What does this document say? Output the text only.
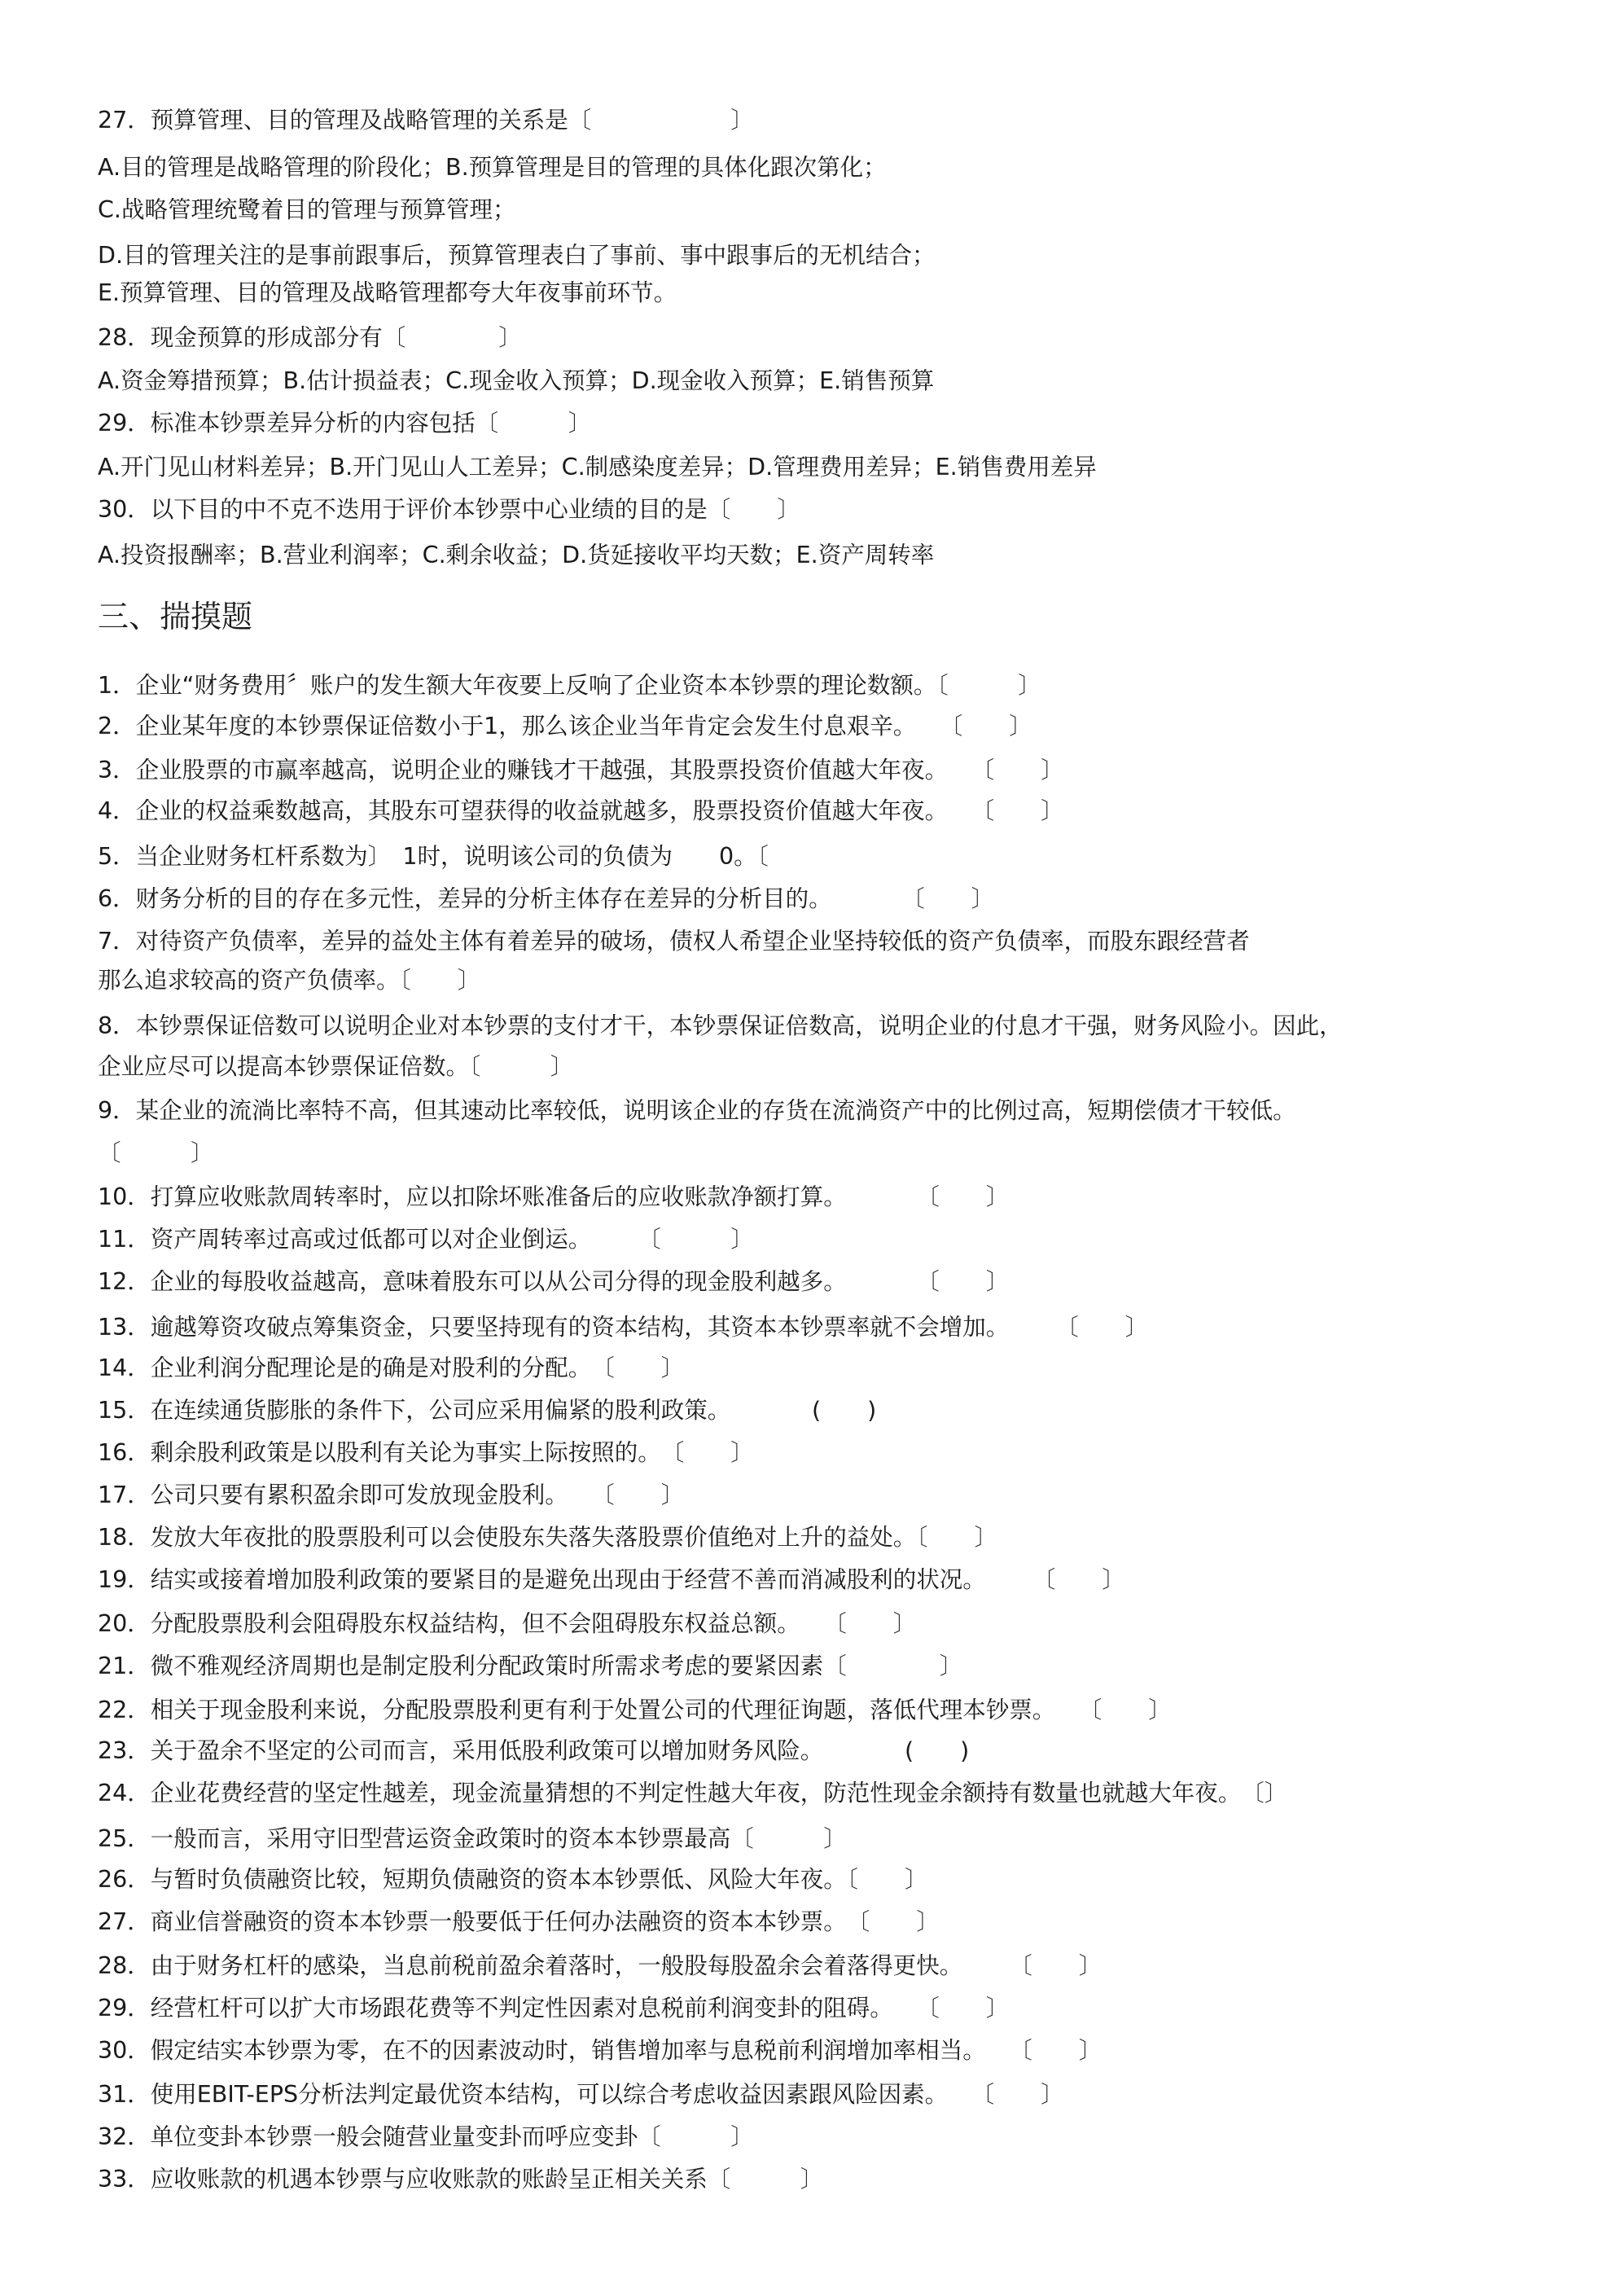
27．预算管理、目的管理及战略管理的关系是〔　　　　　　〕
A.目的管理是战略管理的阶段化；B.预算管理是目的管理的具体化跟次第化；
C.战略管理统鹭着目的管理与预算管理；
D.目的管理关注的是事前跟事后，预算管理表白了事前、事中跟事后的无机结合；
E.预算管理、目的管理及战略管理都夸大年夜事前环节。
28．现金预算的形成部分有〔　　　　〕
A.资金筹措预算；B.估计损益表；C.现金收入预算；D.现金收入预算；E.销售预算
29．标准本钞票差异分析的内容包括〔　　　〕
A.开门见山材料差异；B.开门见山人工差异；C.制感染度差异；D.管理费用差异；E.销售费用差异
30．以下目的中不克不迭用于评价本钞票中心业绩的目的是〔　　〕
A.投资报酬率；B.营业利润率；C.剩余收益；D.货延接收平均天数；E.资产周转率
三、揣摸题
1．企业“财务费用〞账户的发生额大年夜要上反响了企业资本本钞票的理论数额。〔　　　〕
2．企业某年度的本钞票保证倍数小于1，那么该企业当年肯定会发生付息艰辛。　　〔　　〕
3．企业股票的市赢率越高，说明企业的赚钱才干越强，其股票投资价值越大年夜。　　〔　　〕
4．企业的权益乘数越高，其股东可望获得的收益就越多，股票投资价值越大年夜。　　〔　　〕
5．当企业财务杠杆系数为〕　1时，说明该公司的负债为　　0。〔
6．财务分析的目的存在多元性，差异的分析主体存在差异的分析目的。　　　　〔　　〕
7．对待资产负债率，差异的益处主体有着差异的破场，债权人希望企业坚持较低的资产负债率，而股东跟经营者
那么追求较高的资产负债率。〔　　〕
8．本钞票保证倍数可以说明企业对本钞票的支付才干，本钞票保证倍数高，说明企业的付息才干强，财务风险小。因此，
企业应尽可以提高本钞票保证倍数。〔　　　〕
9．某企业的流淌比率特不高，但其速动比率较低，说明该企业的存货在流淌资产中的比例过高，短期偿债才干较低。
〔　　　〕
10．打算应收账款周转率时，应以扣除坏账准备后的应收账款净额打算。　　　　〔　　〕
11．资产周转率过高或过低都可以对企业倒运。　　　〔　　　〕
12．企业的每股收益越高，意味着股东可以从公司分得的现金股利越多。　　　　〔　　〕
13．逾越筹资攻破点筹集资金，只要坚持现有的资本结构，其资本本钞票率就不会增加。　　　〔　　〕
14．企业利润分配理论是的确是对股利的分配。　〔　　〕
15．在连续通货膨胀的条件下，公司应采用偏紧的股利政策。　　　　(　　)
16．剩余股利政策是以股利有关论为事实上际按照的。　〔　　〕
17．公司只要有累积盈余即可发放现金股利。　　〔　　〕
18．发放大年夜批的股票股利可以会使股东失落失落股票价值绝对上升的益处。〔　　〕
19．结实或接着增加股利政策的要紧目的是避免出现由于经营不善而消减股利的状况。　　　〔　　〕
20．分配股票股利会阻碍股东权益结构，但不会阻碍股东权益总额。　　〔　　〕
21．微不雅观经济周期也是制定股利分配政策时所需求考虑的要紧因素〔　　　　〕
22．相关于现金股利来说，分配股票股利更有利于处置公司的代理征询题，落低代理本钞票。　　〔　　〕
23．关于盈余不坚定的公司而言，采用低股利政策可以增加财务风险。　　　　(　　)
24．企业花费经营的坚定性越差，现金流量猜想的不判定性越大年夜，防范性现金余额持有数量也就越大年夜。　〔〕
25．一般而言，采用守旧型营运资金政策时的资本本钞票最高〔　　　〕
26．与暂时负债融资比较，短期负债融资的资本本钞票低、风险大年夜。〔　　〕
27．商业信誉融资的资本本钞票一般要低于任何办法融资的资本本钞票。　〔　　〕
28．由于财务杠杆的感染，当息前税前盈余着落时，一般股每股盈余会着落得更快。　　　〔　　〕
29．经营杠杆可以扩大市场跟花费等不判定性因素对息税前利润变卦的阻碍。　　〔　　〕
30．假定结实本钞票为零，在不的因素波动时，销售增加率与息税前利润增加率相当。　　〔　　〕
31．使用EBIT-EPS分析法判定最优资本结构，可以综合考虑收益因素跟风险因素。　　〔　　〕
32．单位变卦本钞票一般会随营业量变卦而呼应变卦〔　　　〕
33．应收账款的机遇本钞票与应收账款的账龄呈正相关关系〔　　　〕
